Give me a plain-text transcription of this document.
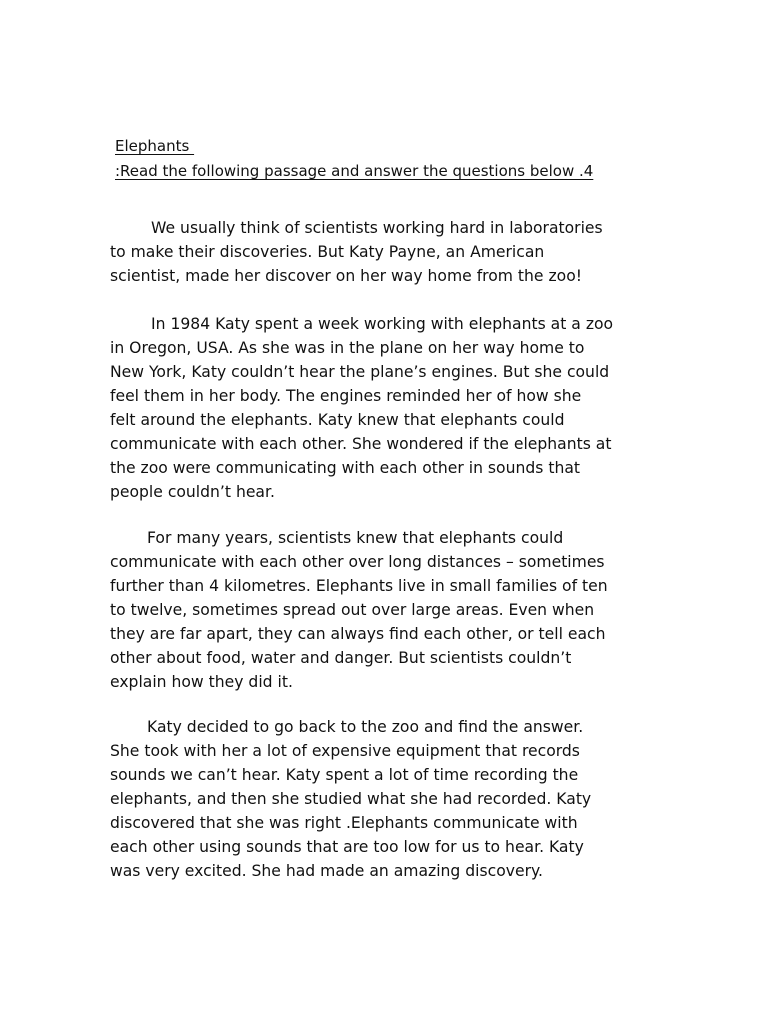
Elephants
:Read the following passage and answer the questions below .4

We usually think of scientists working hard in laboratories
to make their discoveries. But Katy Payne, an American
scientist, made her discover on her way home from the zoo!

In 1984 Katy spent a week working with elephants at a zoo
in Oregon, USA. As she was in the plane on her way home to
New York, Katy couldn’t hear the plane’s engines. But she could
feel them in her body. The engines reminded her of how she
felt around the elephants. Katy knew that elephants could
communicate with each other. She wondered if the elephants at
the zoo were communicating with each other in sounds that
people couldn’t hear.

For many years, scientists knew that elephants could
communicate with each other over long distances – sometimes
further than 4 kilometres. Elephants live in small families of ten
to twelve, sometimes spread out over large areas. Even when
they are far apart, they can always find each other, or tell each
other about food, water and danger. But scientists couldn’t
explain how they did it.

Katy decided to go back to the zoo and find the answer.
She took with her a lot of expensive equipment that records
sounds we can’t hear. Katy spent a lot of time recording the
elephants, and then she studied what she had recorded. Katy
discovered that she was right .Elephants communicate with
each other using sounds that are too low for us to hear. Katy
was very excited. She had made an amazing discovery.
